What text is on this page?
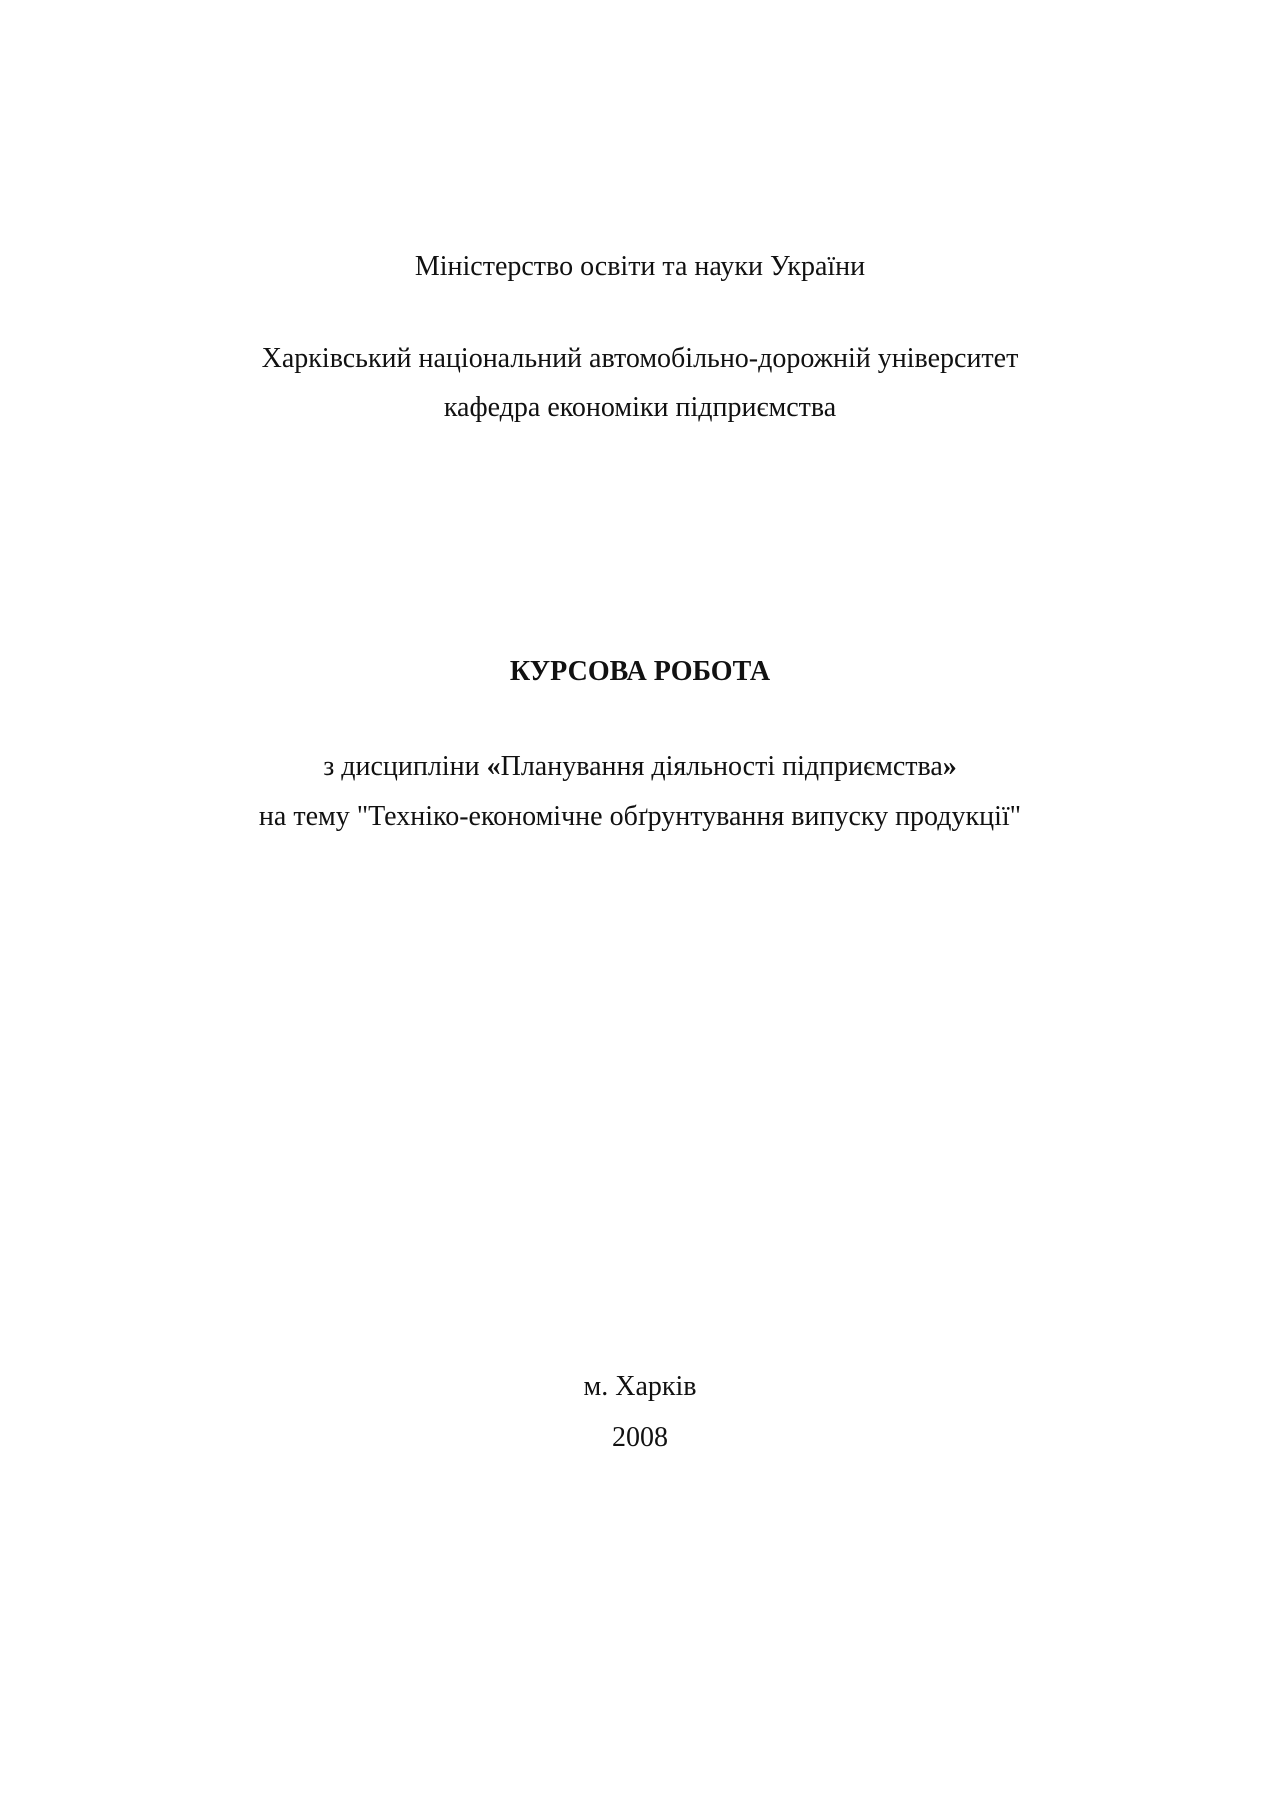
Міністерство освіти та науки України
Харківський національний автомобільно-дорожній університет
кафедра економіки підприємства
КУРСОВА РОБОТА
з дисципліни «Планування діяльності підприємства»
на тему "Техніко-економічне обґрунтування випуску продукції"
м. Харків
2008
